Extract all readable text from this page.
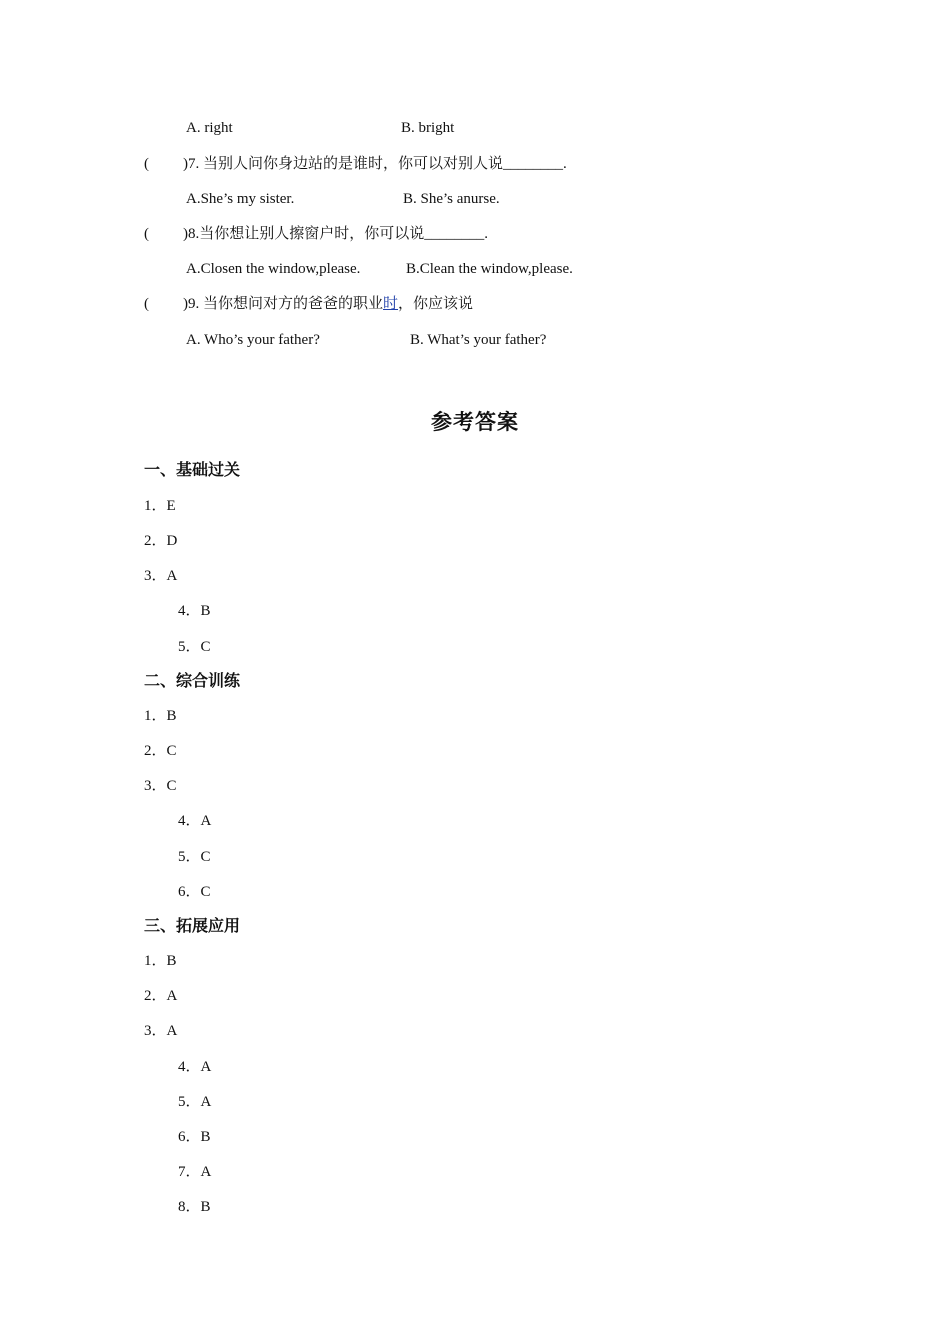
A. right	B. bright
( )7. 当别人问你身边站的是谁时，你可以对别人说________.
A.She’s my sister.	B. She’s anurse.
( )8.当你想让别人擦窗户时，你可以说________.
A.Closen the window,please.	B.Clean the window,please.
( )9. 当你想问对方的爸爸的职业时，你应该说
A. Who’s your father?	B. What’s your father?
参考答案
一、基础过关
1．E
2．D
3．A
4．B
5．C
二、综合训练
1．B
2．C
3．C
4．A
5．C
6．C
三、拓展应用
1．B
2．A
3．A
4．A
5．A
6．B
7．A
8．B
